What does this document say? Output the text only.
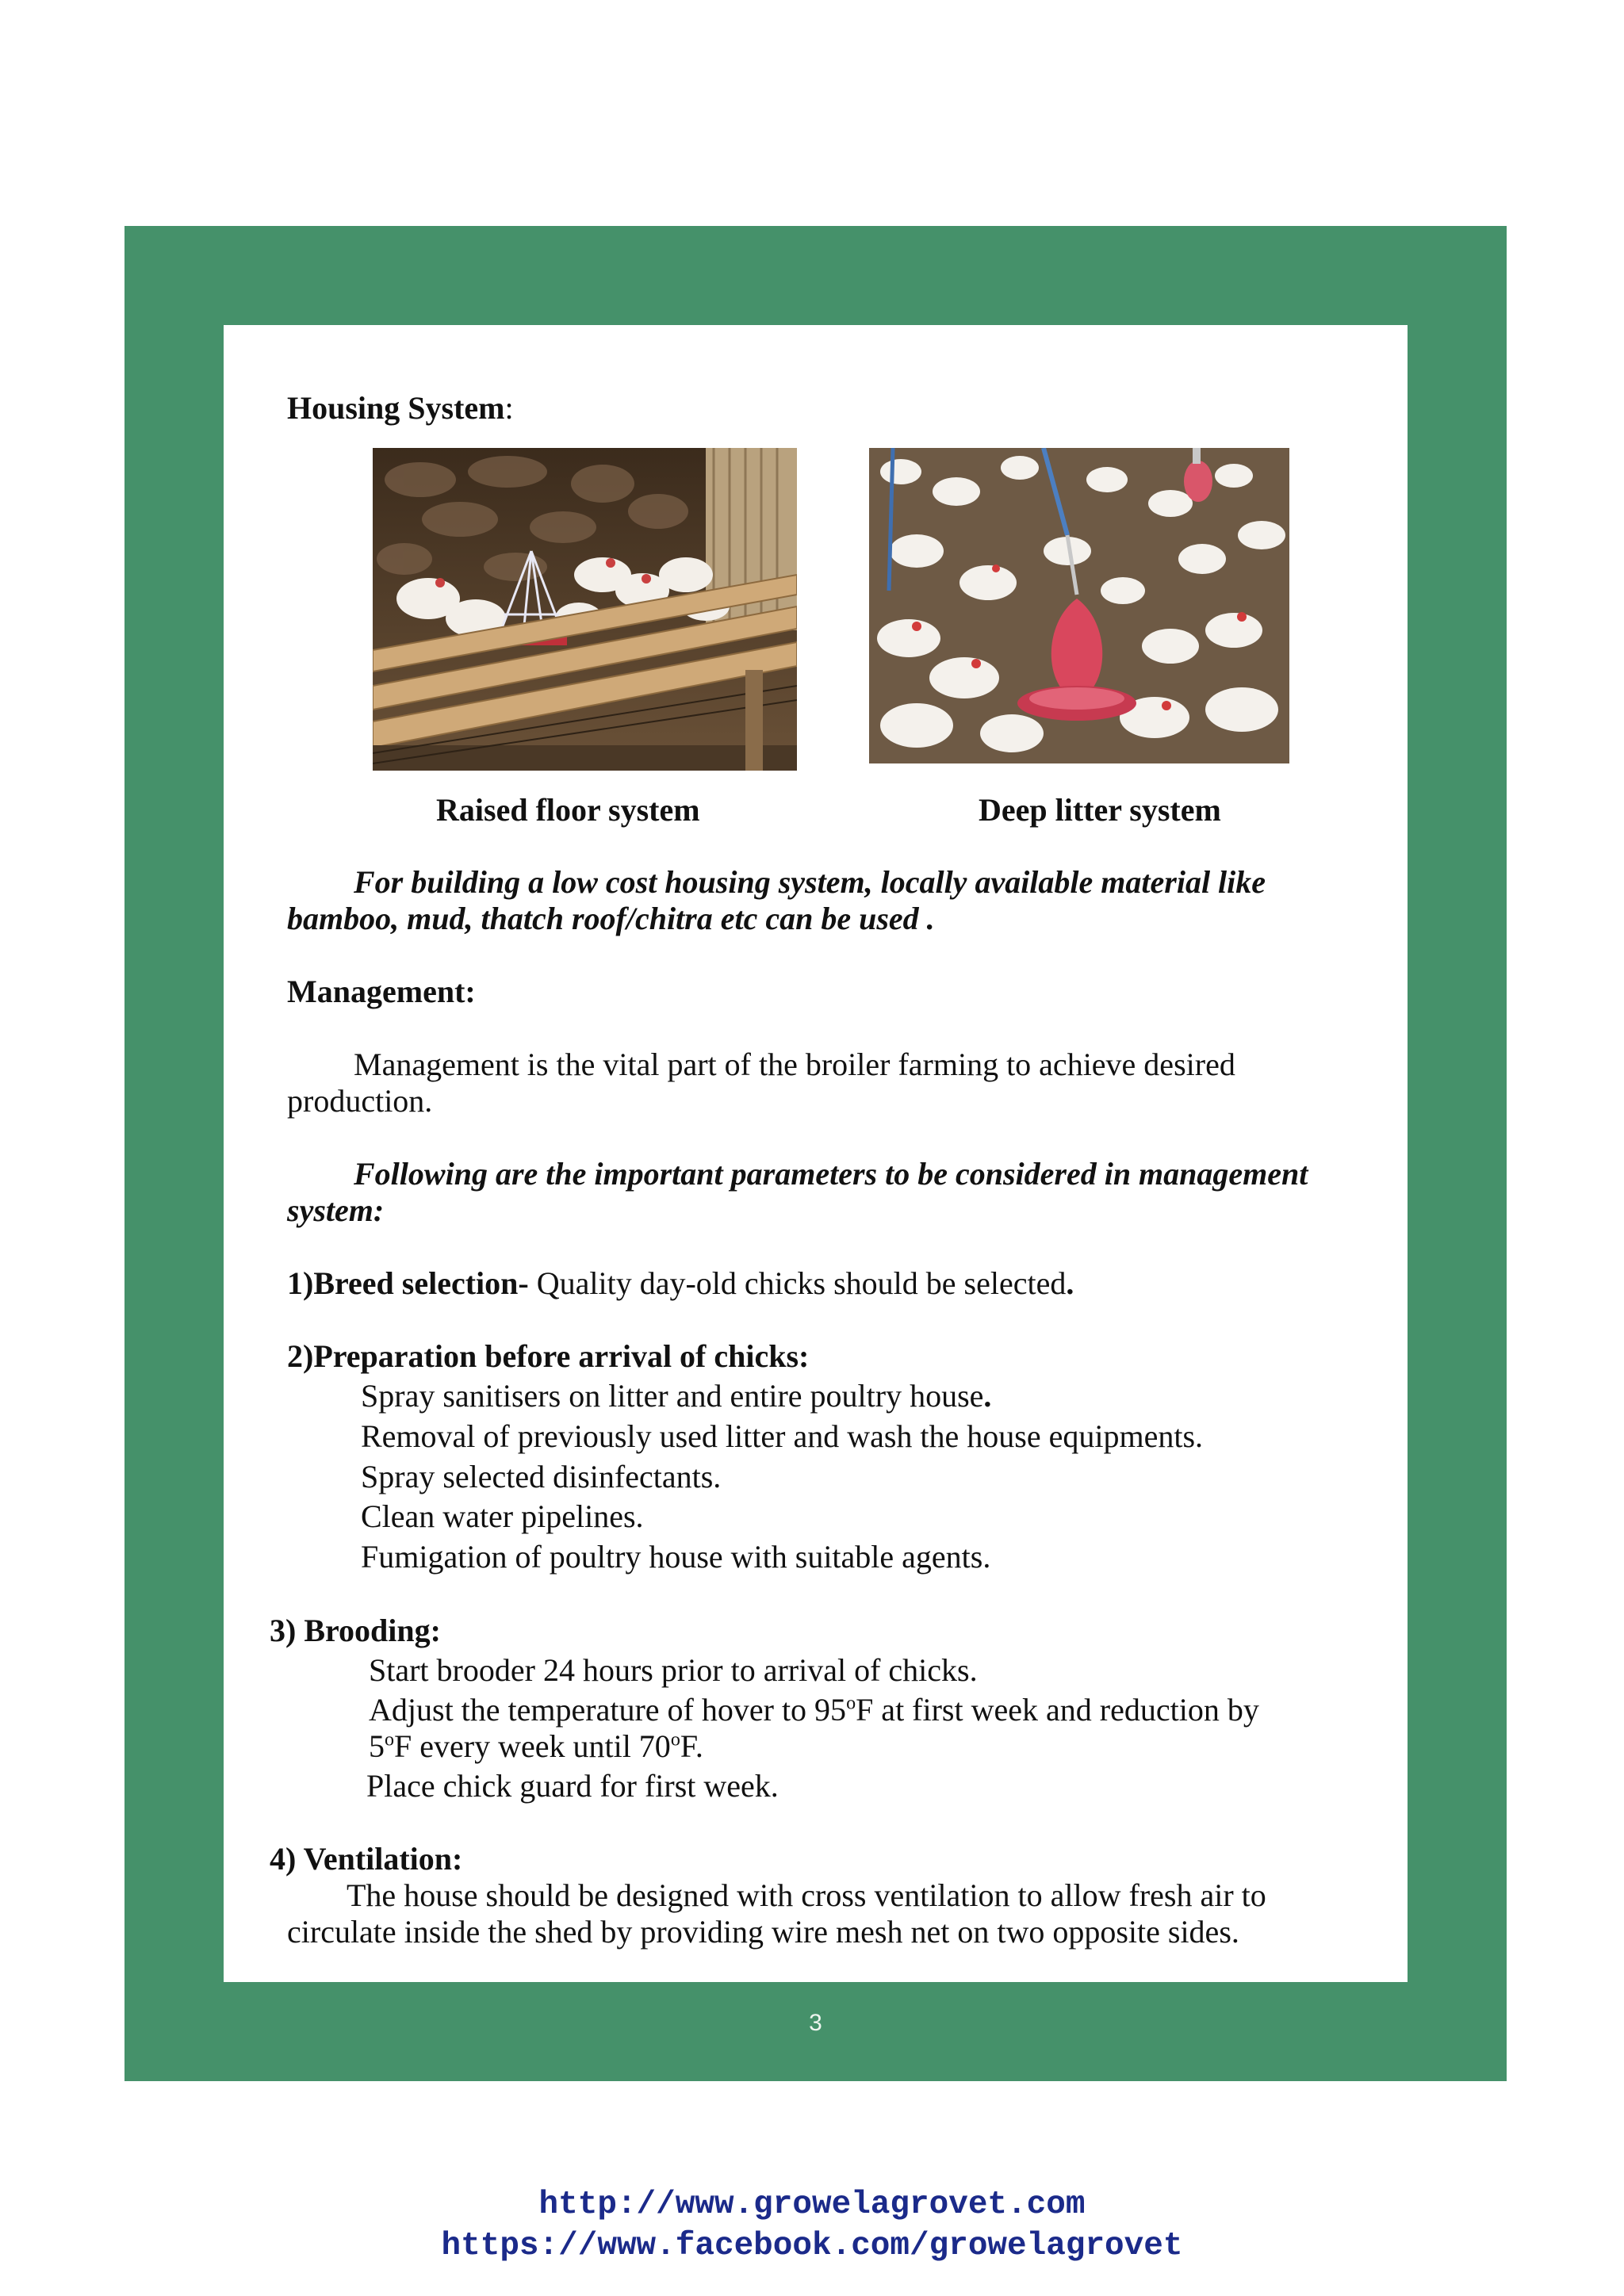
Housing System:
Raised floor system	Deep litter system
For building a low cost housing system, locally available material like
bamboo, mud, thatch roof/chitra etc can be used .
Management:
Management is the vital part of the broiler farming to achieve desired
production.
Following are the important parameters to be considered in management
system:
1)Breed selection- Quality day-old chicks should be selected.
2)Preparation before arrival of chicks:
Spray sanitisers on litter and entire poultry house.
Removal of previously used litter and wash the house equipments.
Spray selected disinfectants.
Clean water pipelines.
Fumigation of poultry house with suitable agents.
3) Brooding:
Start brooder 24 hours prior to arrival of chicks.
Adjust the temperature of hover to 95$^o$F at first week and reduction by
5$^o$F every week until 70$^o$F.
Place chick guard for first week.
4) Ventilation:
The house should be designed with cross ventilation to allow fresh air to
circulate inside the shed by providing wire mesh net on two opposite sides.
3
http://www.growelagrovet.com
https://www.facebook.com/growelagrovet
